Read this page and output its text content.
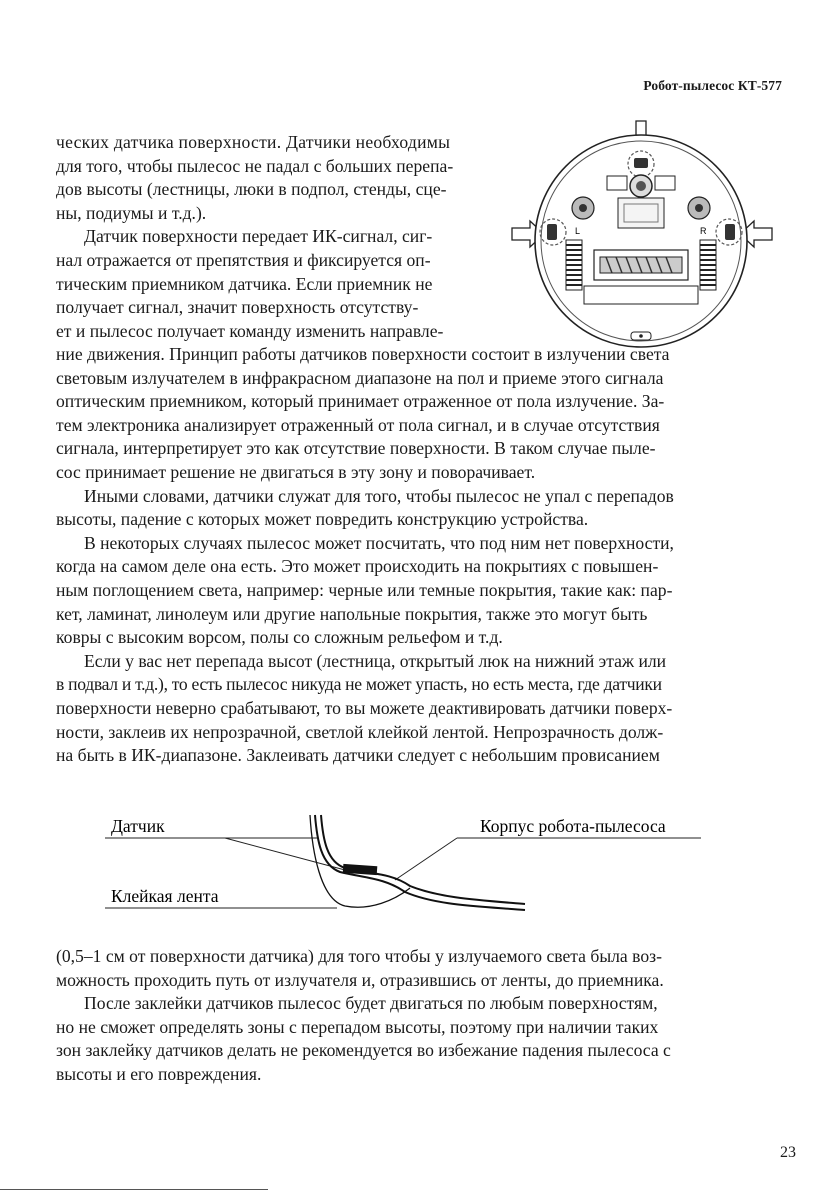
Робот-пылесос КТ-577
ческих датчика поверхности. Датчики необходимы
для того, чтобы пылесос не падал с больших перепа-
дов высоты (лестницы, люки в подпол, стенды, сце-
ны, подиумы и т.д.).
Датчик поверхности передает ИК-сигнал, сиг-
нал отражается от препятствия и фиксируется оп-
тическим приемником датчика. Если приемник не
получает сигнал, значит поверхность отсутству-
ет и пылесос получает команду изменить направле-
L	R
ние движения. Принцип работы датчиков поверхности состоит в излучении света
световым излучателем в инфракрасном диапазоне на пол и приеме этого сигнала
оптическим приемником, который принимает отраженное от пола излучение. За-
тем электроника анализирует отраженный от пола сигнал, и в случае отсутствия
сигнала, интерпретирует это как отсутствие поверхности. В таком случае пыле-
сос принимает решение не двигаться в эту зону и поворачивает.
Иными словами, датчики служат для того, чтобы пылесос не упал с перепадов
высоты, падение с которых может повредить конструкцию устройства.
В некоторых случаях пылесос может посчитать, что под ним нет поверхности,
когда на самом деле она есть. Это может происходить на покрытиях с повышен-
ным поглощением света, например: черные или темные покрытия, такие как: пар-
кет, ламинат, линолеум или другие напольные покрытия, также это могут быть
ковры с высоким ворсом, полы со сложным рельефом и т.д.
Если у вас нет перепада высот (лестница, открытый люк на нижний этаж или
в подвал и т.д.), то есть пылесос никуда не может упасть, но есть места, где датчики
поверхности неверно срабатывают, то вы можете деактивировать датчики поверх-
ности, заклеив их непрозрачной, светлой клейкой лентой. Непрозрачность долж-
на быть в ИК-диапазоне. Заклеивать датчики следует с небольшим провисанием
Датчик	Корпус робота-пылесоса
Клейкая лента
(0,5–1 см от поверхности датчика) для того чтобы у излучаемого света была воз-
можность проходить путь от излучателя и, отразившись от ленты, до приемника.
После заклейки датчиков пылесос будет двигаться по любым поверхностям,
но не сможет определять зоны с перепадом высоты, поэтому при наличии таких
зон заклейку датчиков делать не рекомендуется во избежание падения пылесоса с
высоты и его повреждения.
23
